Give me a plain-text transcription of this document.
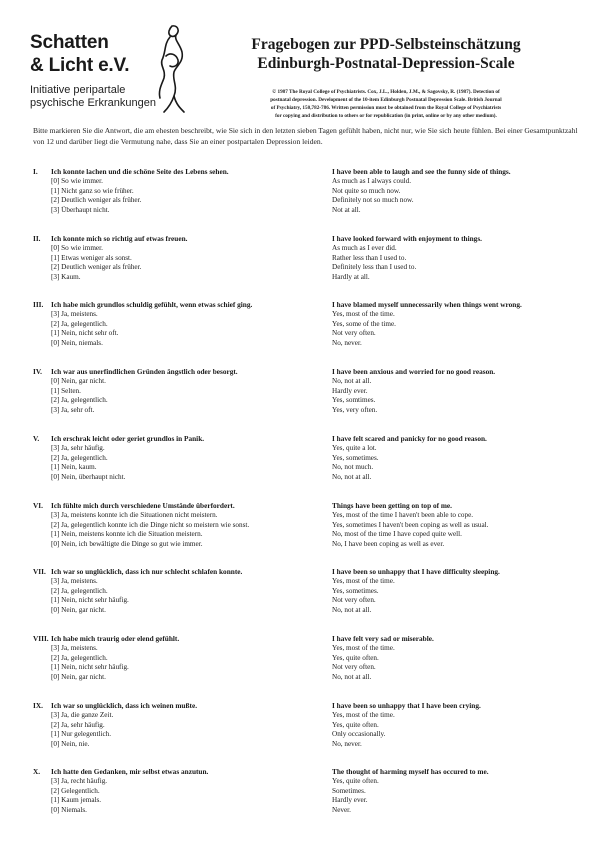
Schatten
& Licht e.V.
Initiative peripartale
psychische Erkrankungen
Fragebogen zur PPD-Selbsteinschätzung
Edinburgh-Postnatal-Depression-Scale
© 1987 The Royal College of Psychiatrists. Cox, J.L., Holden, J.M., & Sagovsky, R. (1987). Detection of
postnatal depression. Development of the 10-item Edinburgh Postnatal Depression Scale. British Journal
of Psychiatry, 150,782-786. Written permission must be obtained from the Royal College of Psychiatrists
for copying and distribution to others or for republication (in print, online or by any other medium).
Bitte markieren Sie die Antwort, die am ehesten beschreibt, wie Sie sich in den letzten sieben Tagen gefühlt haben, nicht nur, wie Sie sich heute fühlen. Bei einer Gesamtpunktzahl von 12 und darüber liegt die Vermutung nahe, dass Sie an einer postpartalen Depression leiden.
I. Ich konnte lachen und die schöne Seite des Lebens sehen.
[0] So wie immer.
[1] Nicht ganz so wie früher.
[2] Deutlich weniger als früher.
[3] Überhaupt nicht.
I have been able to laugh and see the funny side of things.
As much as I always could.
Not quite so much now.
Definitely not so much now.
Not at all.
II. Ich konnte mich so richtig auf etwas freuen.
[0] So wie immer.
[1] Etwas weniger als sonst.
[2] Deutlich weniger als früher.
[3] Kaum.
I have looked forward with enjoyment to things.
As much as I ever did.
Rather less than I used to.
Definitely less than I used to.
Hardly at all.
III. Ich habe mich grundlos schuldig gefühlt, wenn etwas schief ging.
[3] Ja, meistens.
[2] Ja, gelegentlich.
[1] Nein, nicht sehr oft.
[0] Nein, niemals.
I have blamed myself unnecessarily when things went wrong.
Yes, most of the time.
Yes, some of the time.
Not very often.
No, never.
IV. Ich war aus unerfindlichen Gründen ängstlich oder besorgt.
[0] Nein, gar nicht.
[1] Selten.
[2] Ja, gelegentlich.
[3] Ja, sehr oft.
I have been anxious and worried for no good reason.
No, not at all.
Hardly ever.
Yes, somtimes.
Yes, very often.
V. Ich erschrak leicht oder geriet grundlos in Panik.
[3] Ja, sehr häufig.
[2] Ja, gelegentlich.
[1] Nein, kaum.
[0] Nein, überhaupt nicht.
I have felt scared and panicky for no good reason.
Yes, quite a lot.
Yes, sometimes.
No, not much.
No, not at all.
VI. Ich fühlte mich durch verschiedene Umstände überfordert.
[3] Ja, meistens konnte ich die Situationen nicht meistern.
[2] Ja, gelegentlich konnte ich die Dinge nicht so meistern wie sonst.
[1] Nein, meistens konnte ich die Situation meistern.
[0] Nein, ich bewältigte die Dinge so gut wie immer.
Things have been getting on top of me.
Yes, most of the time I haven't been able to cope.
Yes, sometimes I haven't been coping as well as usual.
No, most of the time I have coped quite well.
No, I have been coping as well as ever.
VII. Ich war so unglücklich, dass ich nur schlecht schlafen konnte.
[3] Ja, meistens.
[2] Ja, gelegentlich.
[1] Nein, nicht sehr häufig.
[0] Nein, gar nicht.
I have been so unhappy that I have difficulty sleeping.
Yes, most of the time.
Yes, sometimes.
Not very often.
No, not at all.
VIII. Ich habe mich traurig oder elend gefühlt.
[3] Ja, meistens.
[2] Ja, gelegentlich.
[1] Nein, nicht sehr häufig.
[0] Nein, gar nicht.
I have felt very sad or miserable.
Yes, most of the time.
Yes, quite often.
Not very often.
No, not at all.
IX. Ich war so unglücklich, dass ich weinen mußte.
[3] Ja, die ganze Zeit.
[2] Ja, sehr häufig.
[1] Nur gelegentlich.
[0] Nein, nie.
I have been so unhappy that I have been crying.
Yes, most of the time.
Yes, quite often.
Only occasionally.
No, never.
X. Ich hatte den Gedanken, mir selbst etwas anzutun.
[3] Ja, recht häufig.
[2] Gelegentlich.
[1] Kaum jemals.
[0] Niemals.
The thought of harming myself has occured to me.
Yes, quite often.
Sometimes.
Hardly ever.
Never.
